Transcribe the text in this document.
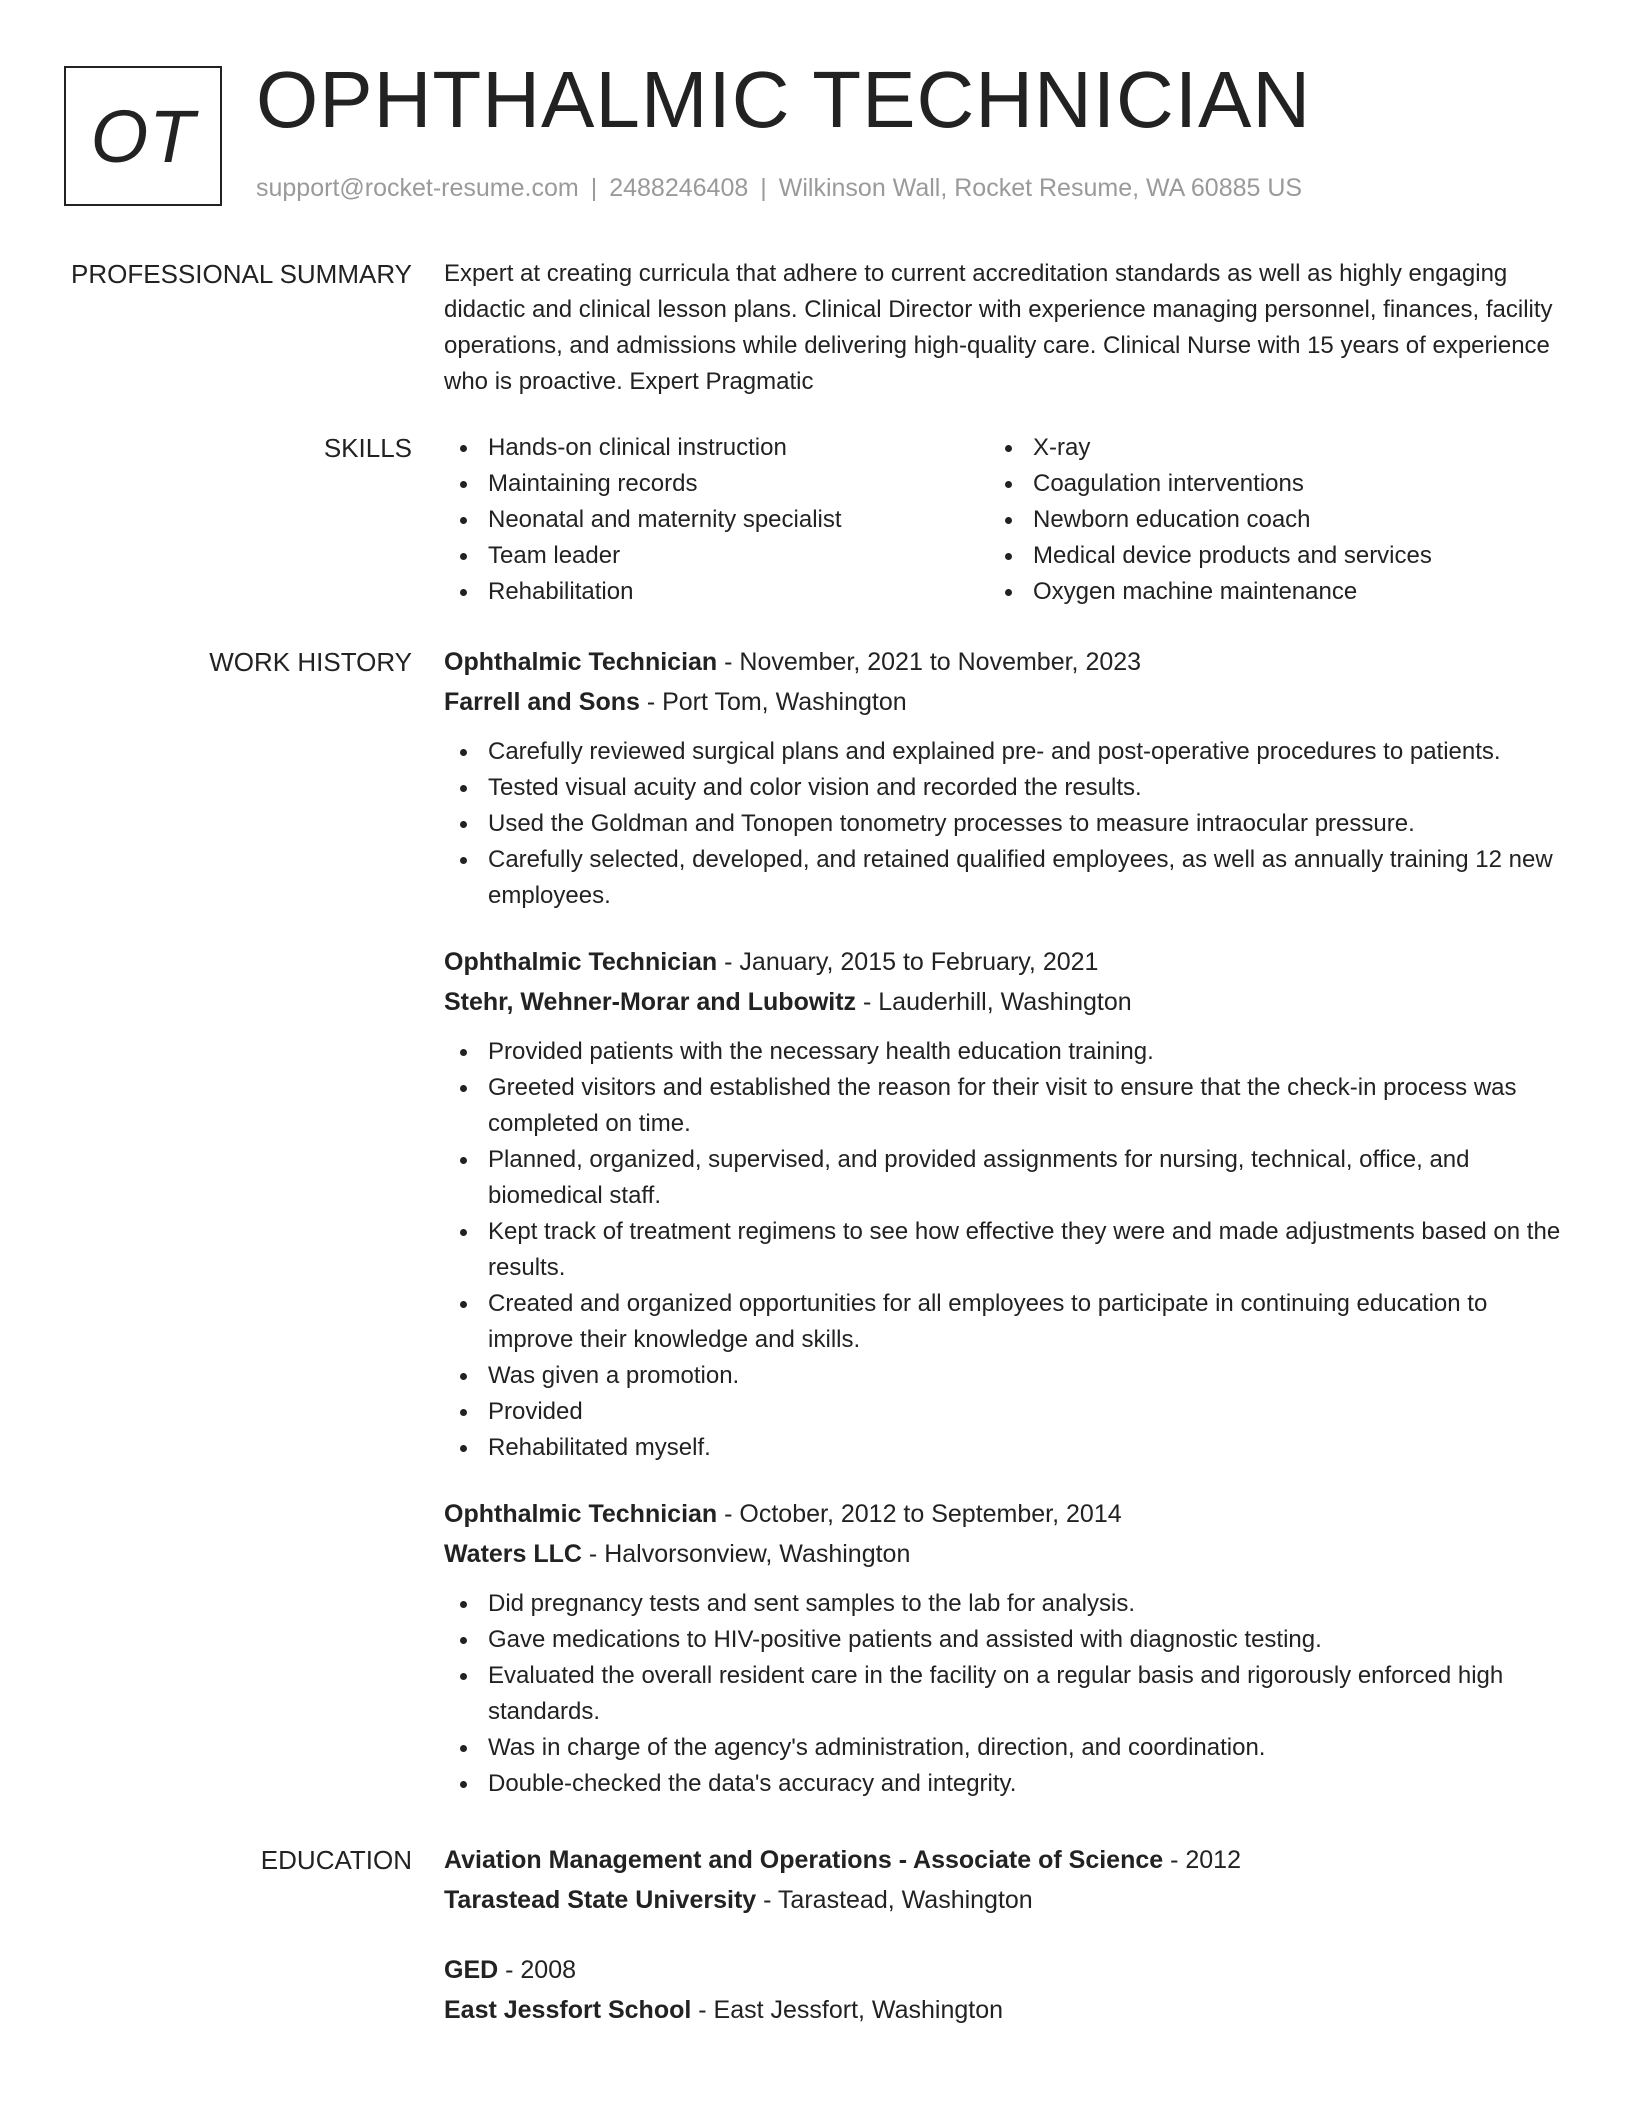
OT OPHTHALMIC TECHNICIAN
support@rocket-resume.com | 2488246408 | Wilkinson Wall, Rocket Resume, WA 60885 US
PROFESSIONAL SUMMARY Expert at creating curricula that adhere to current accreditation standards as well as highly engaging didactic and clinical lesson plans. Clinical Director with experience managing personnel, finances, facility operations, and admissions while delivering high-quality care. Clinical Nurse with 15 years of experience who is proactive. Expert Pragmatic

SKILLS	Hands-on clinical instruction
Maintaining records
Neonatal and maternity specialist
Team leader
Rehabilitation
X-ray
Coagulation interventions
Newborn education coach
Medical device products and services
Oxygen machine maintenance
WORK HISTORY Ophthalmic Technician - November, 2021 to November, 2023
Farrell and Sons - Port Tom, Washington
Carefully reviewed surgical plans and explained pre- and post-operative procedures to patients.
Tested visual acuity and color vision and recorded the results.
Used the Goldman and Tonopen tonometry processes to measure intraocular pressure.
Carefully selected, developed, and retained qualified employees, as well as annually training 12 new employees.
Ophthalmic Technician - January, 2015 to February, 2021
Stehr, Wehner-Morar and Lubowitz - Lauderhill, Washington
Provided patients with the necessary health education training.
Greeted visitors and established the reason for their visit to ensure that the check-in process was completed on time.
Planned, organized, supervised, and provided assignments for nursing, technical, office, and biomedical staff.
Kept track of treatment regimens to see how effective they were and made adjustments based on the results.
Created and organized opportunities for all employees to participate in continuing education to improve their knowledge and skills.
Was given a promotion.
Provided
Rehabilitated myself.
Ophthalmic Technician - October, 2012 to September, 2014
Waters LLC - Halvorsonview, Washington
Did pregnancy tests and sent samples to the lab for analysis.
Gave medications to HIV-positive patients and assisted with diagnostic testing.
Evaluated the overall resident care in the facility on a regular basis and rigorously enforced high standards.
Was in charge of the agency's administration, direction, and coordination.
Double-checked the data's accuracy and integrity.
EDUCATION Aviation Management and Operations - Associate of Science - 2012
Tarastead State University - Tarastead, Washington
GED - 2008
East Jessfort School - East Jessfort, Washington
